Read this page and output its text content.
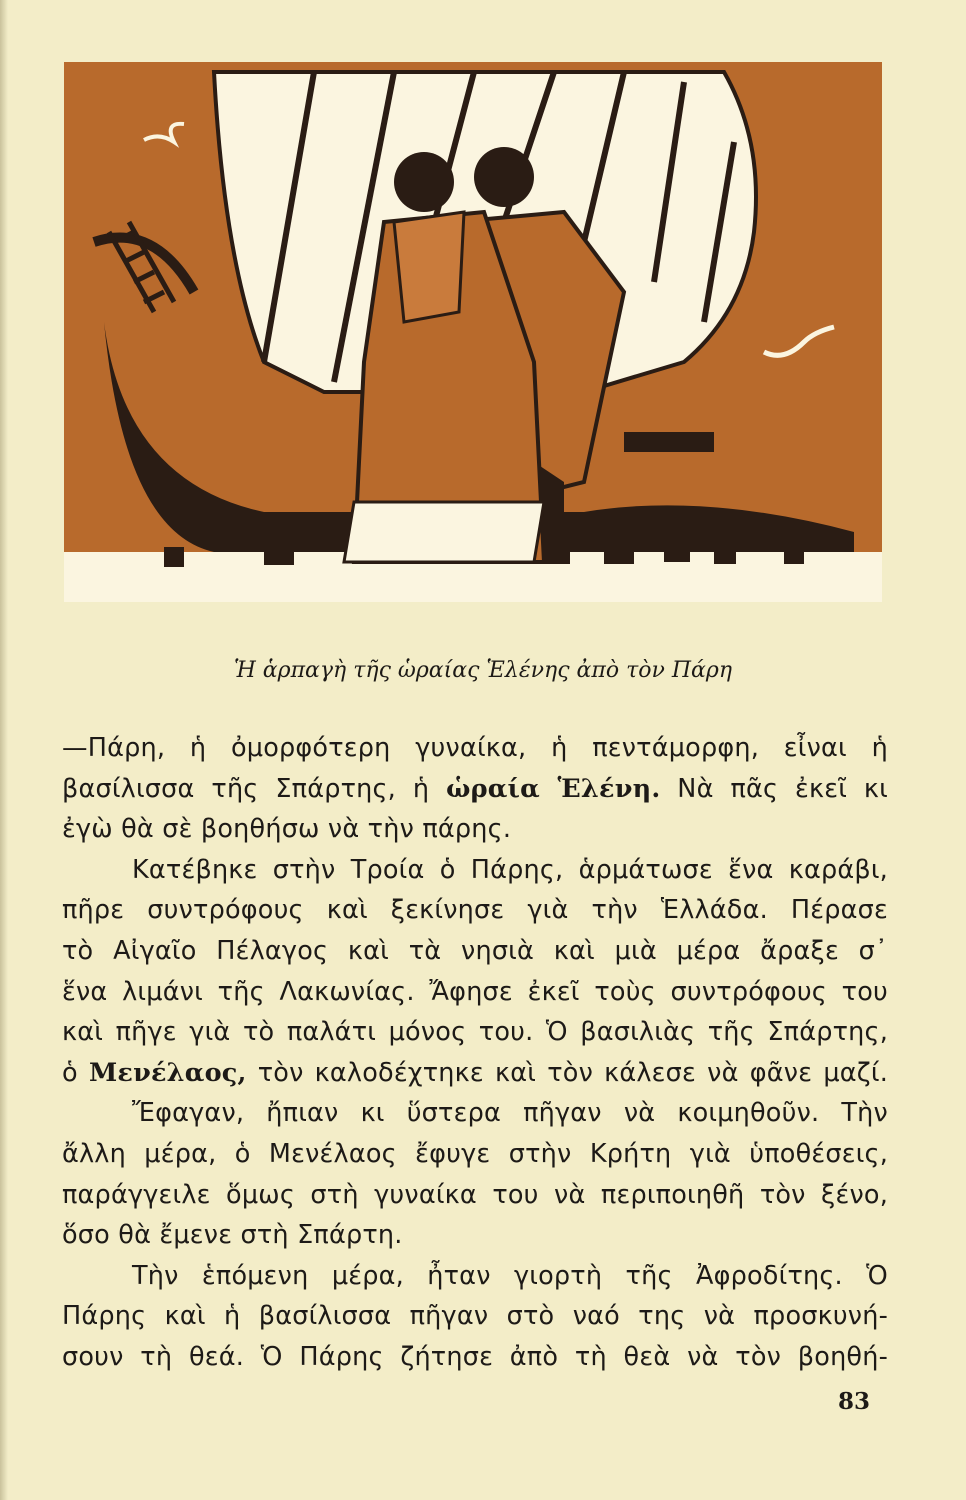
Ἡ ἁρπαγὴ τῆς ὡραίας Ἑλένης ἀπὸ τὸν Πάρη
—Πάρη, ἡ ὀμορφότερη γυναίκα, ἡ πεντάμορφη, εἶναι ἡ
βασίλισσα τῆς Σπάρτης, ἡ ὡραία Ἑλένη. Νὰ πᾶς ἐκεῖ κι
ἐγὼ θὰ σὲ βοηθήσω νὰ τὴν πάρης.
Κατέβηκε στὴν Τροία ὁ Πάρης, ἁρμάτωσε ἕνα καράβι,
πῆρε συντρόφους καὶ ξεκίνησε γιὰ τὴν Ἑλλάδα. Πέρασε
τὸ Αἰγαῖο Πέλαγος καὶ τὰ νησιὰ καὶ μιὰ μέρα ἄραξε σ᾿
ἕνα λιμάνι τῆς Λακωνίας. Ἄφησε ἐκεῖ τοὺς συντρόφους του
καὶ πῆγε γιὰ τὸ παλάτι μόνος του. Ὁ βασιλιὰς τῆς Σπάρτης,
ὁ Μενέλαος, τὸν καλοδέχτηκε καὶ τὸν κάλεσε νὰ φᾶνε μαζί.
Ἔφαγαν, ἤπιαν κι ὕστερα πῆγαν νὰ κοιμηθοῦν. Τὴν
ἄλλη μέρα, ὁ Μενέλαος ἔφυγε στὴν Κρήτη γιὰ ὑποθέσεις,
παράγγειλε ὅμως στὴ γυναίκα του νὰ περιποιηθῆ τὸν ξένο,
ὅσο θὰ ἔμενε στὴ Σπάρτη.
Τὴν ἑπόμενη μέρα, ἦταν γιορτὴ τῆς Ἀφροδίτης. Ὁ
Πάρης καὶ ἡ βασίλισσα πῆγαν στὸ ναό της νὰ προσκυνή-
σουν τὴ θεά. Ὁ Πάρης ζήτησε ἀπὸ τὴ θεὰ νὰ τὸν βοηθή-
83
